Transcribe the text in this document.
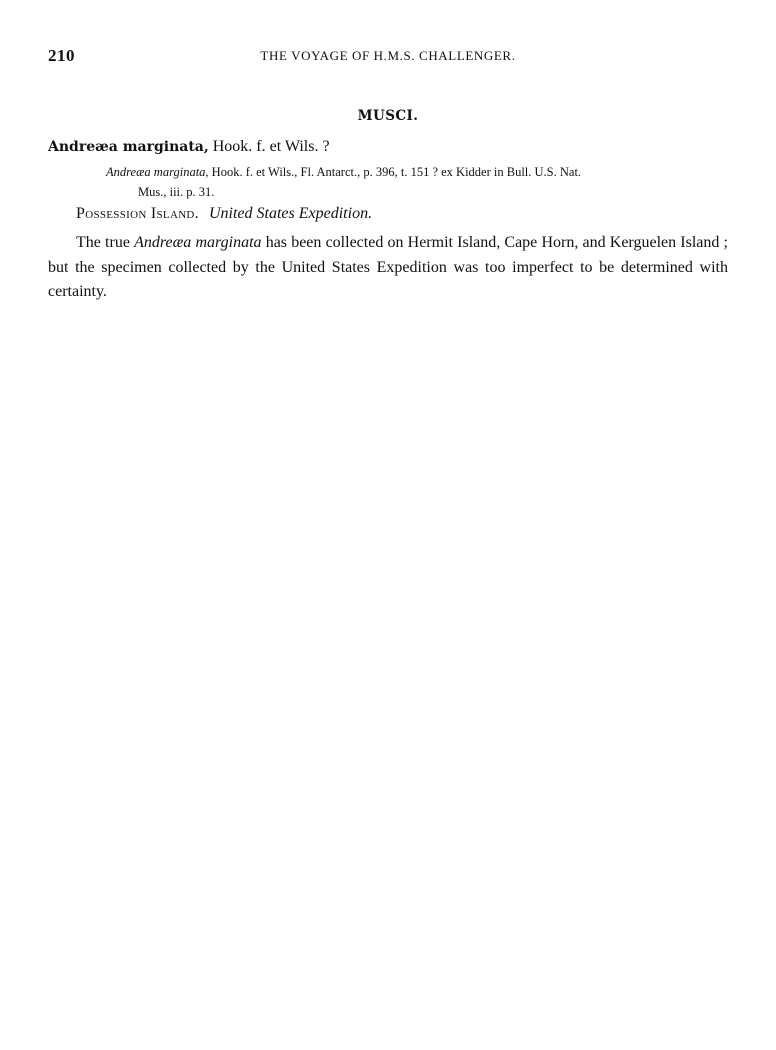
210	THE VOYAGE OF H.M.S. CHALLENGER.
MUSCI.
Andreæa marginata, Hook. f. et Wils. ?
Andreæa marginata, Hook. f. et Wils., Fl. Antarct., p. 396, t. 151 ? ex Kidder in Bull. U.S. Nat.
Mus., iii. p. 31.
Possession Island. United States Expedition.

The true Andreæa marginata has been collected on Hermit Island, Cape Horn, and Kerguelen Island ; but the specimen collected by the United States Expedition was too imperfect to be determined with certainty.
